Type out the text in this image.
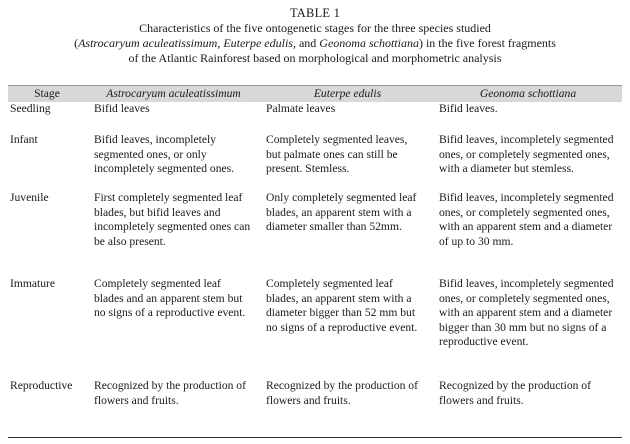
TABLE 1
Characteristics of the five ontogenetic stages for the three species studied
(Astrocaryum aculeatissimum, Euterpe edulis, and Geonoma schottiana) in the five forest fragments
of the Atlantic Rainforest based on morphological and morphometric analysis
Stage	Astrocaryum aculeatissimum	Euterpe edulis	Geonoma schottiana
Seedling	Bifid leaves	Palmate leaves	Bifid leaves.
Infant	Bifid leaves, incompletely segmented ones, or only incompletely segmented ones.	Completely segmented leaves, but palmate ones can still be present. Stemless.	Bifid leaves, incompletely segmented ones, or completely segmented ones, with a diameter but stemless.
Juvenile	First completely segmented leaf blades, but bifid leaves and incompletely segmented ones can be also present.	Only completely segmented leaf blades, an apparent stem with a diameter smaller than 52mm.	Bifid leaves, incompletely segmented ones, or completely segmented ones, with an apparent stem and a diameter of up to 30 mm.
Immature	Completely segmented leaf blades and an apparent stem but no signs of a reproductive event.	Completely segmented leaf blades, an apparent stem with a diameter bigger than 52 mm but no signs of a reproductive event.	Bifid leaves, incompletely segmented ones, or completely segmented ones, with an apparent stem and a diameter bigger than 30 mm but no signs of a reproductive event.
Reproductive	Recognized by the production of flowers and fruits.	Recognized by the production of flowers and fruits.	Recognized by the production of flowers and fruits.
